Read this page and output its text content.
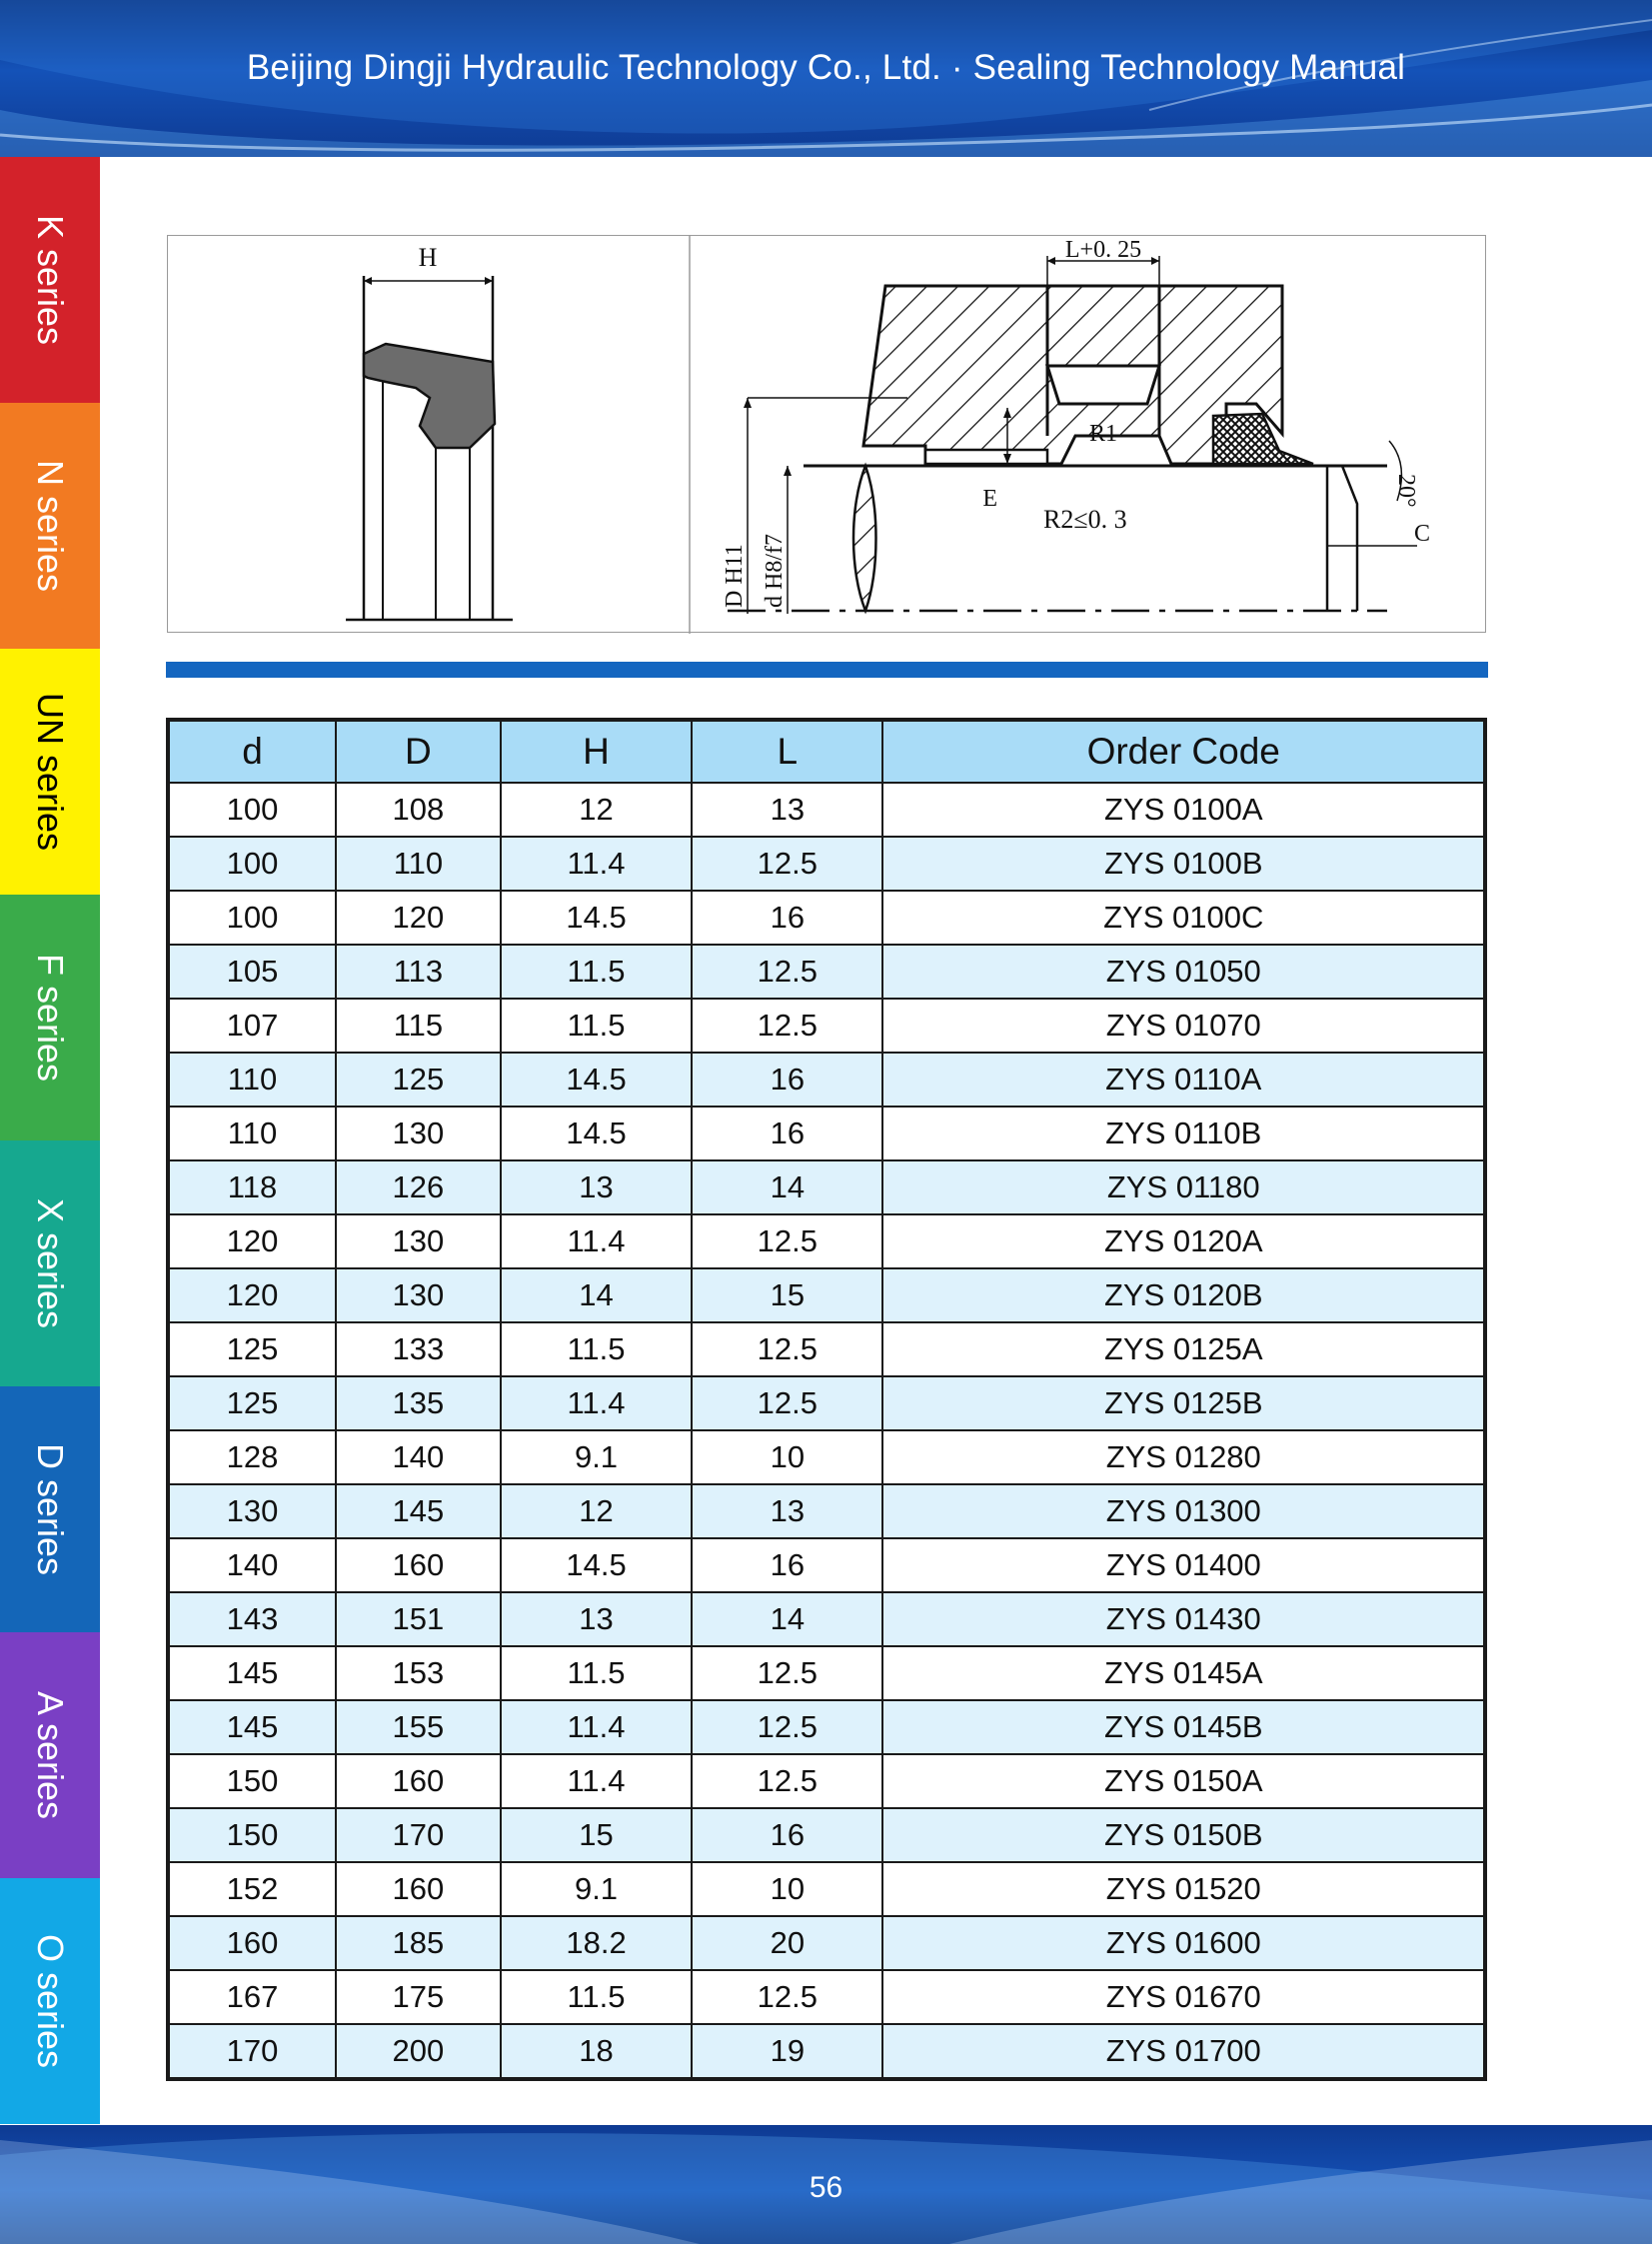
Beijing Dingji Hydraulic Technology Co., Ltd. · Sealing Technology Manual
K series
N series
UN series
F series
X series
D series
A series
O series
H
R1
L+0. 25
20°
C
E
R2≤0. 3
D H11 d H8/f7
d	D	H	L	Order Code
100	108	12	13	ZYS 0100A
100	110	11.4	12.5	ZYS 0100B
100	120	14.5	16	ZYS 0100C
105	113	11.5	12.5	ZYS 01050
107	115	11.5	12.5	ZYS 01070
110	125	14.5	16	ZYS 0110A
110	130	14.5	16	ZYS 0110B
118	126	13	14	ZYS 01180
120	130	11.4	12.5	ZYS 0120A
120	130	14	15	ZYS 0120B
125	133	11.5	12.5	ZYS 0125A
125	135	11.4	12.5	ZYS 0125B
128	140	9.1	10	ZYS 01280
130	145	12	13	ZYS 01300
140	160	14.5	16	ZYS 01400
143	151	13	14	ZYS 01430
145	153	11.5	12.5	ZYS 0145A
145	155	11.4	12.5	ZYS 0145B
150	160	11.4	12.5	ZYS 0150A
150	170	15	16	ZYS 0150B
152	160	9.1	10	ZYS 01520
160	185	18.2	20	ZYS 01600
167	175	11.5	12.5	ZYS 01670
170	200	18	19	ZYS 01700
56
